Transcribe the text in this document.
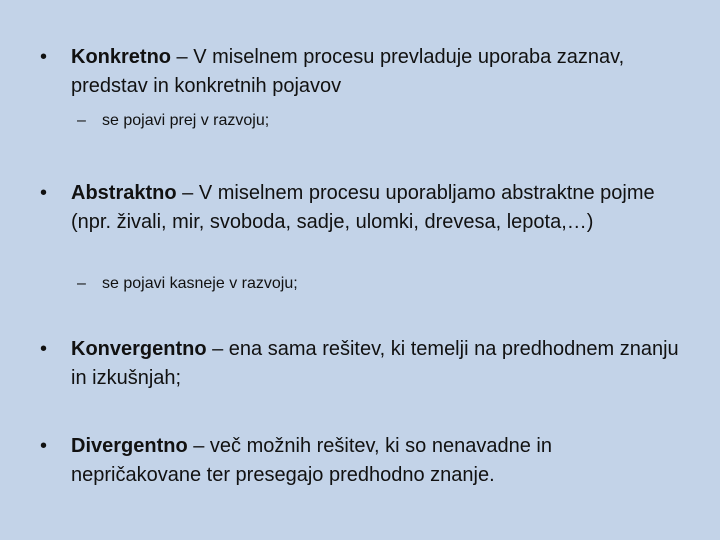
•	Konkretno – V miselnem procesu prevladuje uporaba zaznav, predstav in konkretnih pojavov
– se pojavi prej v razvoju;
•	Abstraktno – V miselnem procesu uporabljamo abstraktne pojme (npr. živali, mir, svoboda, sadje, ulomki, drevesa, lepota,…)
– se pojavi kasneje v razvoju;
•	Konvergentno – ena sama rešitev, ki temelji na predhodnem znanju in izkušnjah;
•	Divergentno – več možnih rešitev, ki so nenavadne in nepričakovane ter presegajo predhodno znanje.
